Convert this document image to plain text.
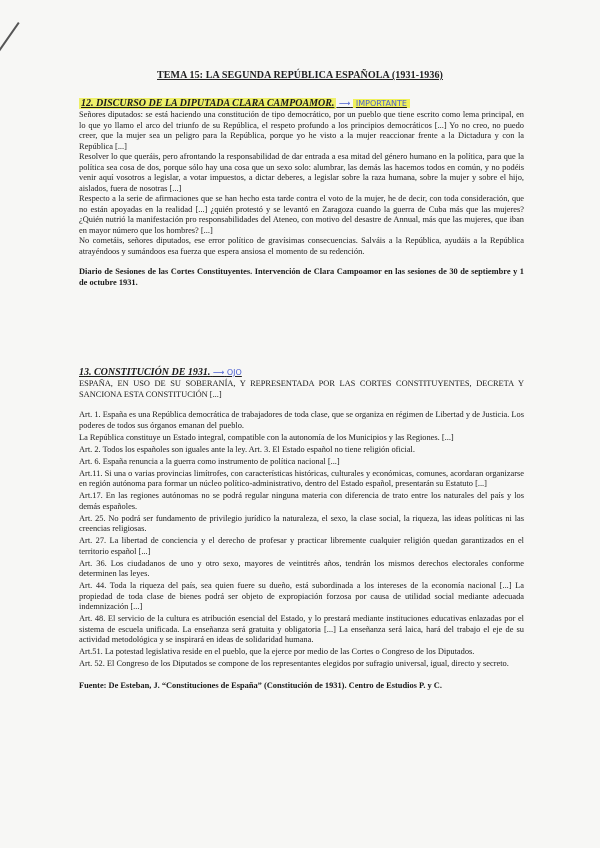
TEMA 15: LA SEGUNDA REPÚBLICA ESPAÑOLA (1931-1936)
12. DISCURSO DE LA DIPUTADA CLARA CAMPOAMOR. ⟶ IMPORTANTE

Señores diputados: se está haciendo una constitución de tipo democrático, por un pueblo que tiene escrito como lema principal, en lo que yo llamo el arco del triunfo de su República, el respeto profundo a los principios democráticos [...] Yo no creo, no puedo creer, que la mujer sea un peligro para la República, porque yo he visto a la mujer reaccionar frente a la Dictadura y con la República [...]

Resolver lo que queráis, pero afrontando la responsabilidad de dar entrada a esa mitad del género humano en la política, para que la política sea cosa de dos, porque sólo hay una cosa que un sexo solo: alumbrar, las demás las hacemos todos en común, y no podéis venir aquí vosotros a legislar, a votar impuestos, a dictar deberes, a legislar sobre la raza humana, sobre la mujer y sobre el hijo, aislados, fuera de nosotras [...]

Respecto a la serie de afirmaciones que se han hecho esta tarde contra el voto de la mujer, he de decir, con toda consideración, que no están apoyadas en la realidad [...] ¿quién protestó y se levantó en Zaragoza cuando la guerra de Cuba más que las mujeres? ¿Quién nutrió la manifestación pro responsabilidades del Ateneo, con motivo del desastre de Annual, más que las mujeres, que iban en mayor número que los hombres? [...]

No cometáis, señores diputados, ese error político de gravísimas consecuencias. Salváis a la República, ayudáis a la República atrayéndoos y sumándoos esa fuerza que espera ansiosa el momento de su redención.

Diario de Sesiones de las Cortes Constituyentes. Intervención de Clara Campoamor en las sesiones de 30 de septiembre y 1 de octubre 1931.

13. CONSTITUCIÓN DE 1931. ⟶ OJO

ESPAÑA, EN USO DE SU SOBERANÍA, Y REPRESENTADA POR LAS CORTES CONSTITUYENTES, DECRETA Y SANCIONA ESTA CONSTITUCIÓN [...]

Art. 1. España es una República democrática de trabajadores de toda clase, que se organiza en régimen de Libertad y de Justicia. Los poderes de todos sus órganos emanan del pueblo.

La República constituye un Estado integral, compatible con la autonomía de los Municipios y las Regiones. [...]

Art. 2. Todos los españoles son iguales ante la ley. Art. 3. El Estado español no tiene religión oficial.

Art. 6. España renuncia a la guerra como instrumento de política nacional [...]

Art.11. Si una o varias provincias limítrofes, con características históricas, culturales y económicas, comunes, acordaran organizarse en región autónoma para formar un núcleo político-administrativo, dentro del Estado español, presentarán su Estatuto [...]

Art.17. En las regiones autónomas no se podrá regular ninguna materia con diferencia de trato entre los naturales del país y los demás españoles.

Art. 25. No podrá ser fundamento de privilegio jurídico la naturaleza, el sexo, la clase social, la riqueza, las ideas políticas ni las creencias religiosas.

Art. 27. La libertad de conciencia y el derecho de profesar y practicar libremente cualquier religión quedan garantizados en el territorio español [...]

Art. 36. Los ciudadanos de uno y otro sexo, mayores de veintitrés años, tendrán los mismos derechos electorales conforme determinen las leyes.

Art. 44. Toda la riqueza del país, sea quien fuere su dueño, está subordinada a los intereses de la economía nacional [...] La propiedad de toda clase de bienes podrá ser objeto de expropiación forzosa por causa de utilidad social mediante adecuada indemnización [...]

Art. 48. El servicio de la cultura es atribución esencial del Estado, y lo prestará mediante instituciones educativas enlazadas por el sistema de escuela unificada. La enseñanza será gratuita y obligatoria [...] La enseñanza será laica, hará del trabajo el eje de su actividad metodológica y se inspirará en ideas de solidaridad humana.

Art.51. La potestad legislativa reside en el pueblo, que la ejerce por medio de las Cortes o Congreso de los Diputados.

Art. 52. El Congreso de los Diputados se compone de los representantes elegidos por sufragio universal, igual, directo y secreto.

Fuente: De Esteban, J. “Constituciones de España” (Constitución de 1931). Centro de Estudios P. y C.
